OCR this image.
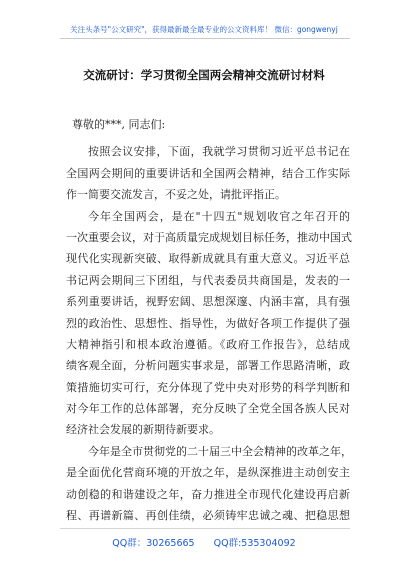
关注头条号"公文研究"，获得最新最全最专业的公文资料库！ 微信：gongwenyj
交流研讨：学习贯彻全国两会精神交流研讨材料
尊敬的***, 同志们:
按照会议安排，下面，我就学习贯彻习近平总书记在
全国两会期间的重要讲话和全国两会精神，结合工作实际
作一简要交流发言，不妥之处，请批评指正。
今年全国两会，是在"十四五"规划收官之年召开的
一次重要会议，对于高质量完成规划目标任务，推动中国式
现代化实现新突破、取得新成就具有重大意义。习近平总
书记两会期间三下团组，与代表委员共商国是，发表的一
系列重要讲话，视野宏阔、思想深邃、内涵丰富，具有强
烈的政治性、思想性、指导性，为做好各项工作提供了强
大精神指引和根本政治遵循。《政府工作报告》，总结成
绩客观全面，分析问题实事求是，部署工作思路清晰，政
策措施切实可行，充分体现了党中央对形势的科学判断和
对今年工作的总体部署，充分反映了全党全国各族人民对
经济社会发展的新期待新要求。
今年是全市贯彻党的二十届三中全会精神的改革之年，
是全面优化营商环境的开放之年，是纵深推进主动创安主
动创稳的和谐建设之年，奋力推进全市现代化建设再启新
程、再谱新篇、再创佳绩，必须铸牢忠诚之魂、把稳思想
QQ群：30265665 QQ群:535304092
